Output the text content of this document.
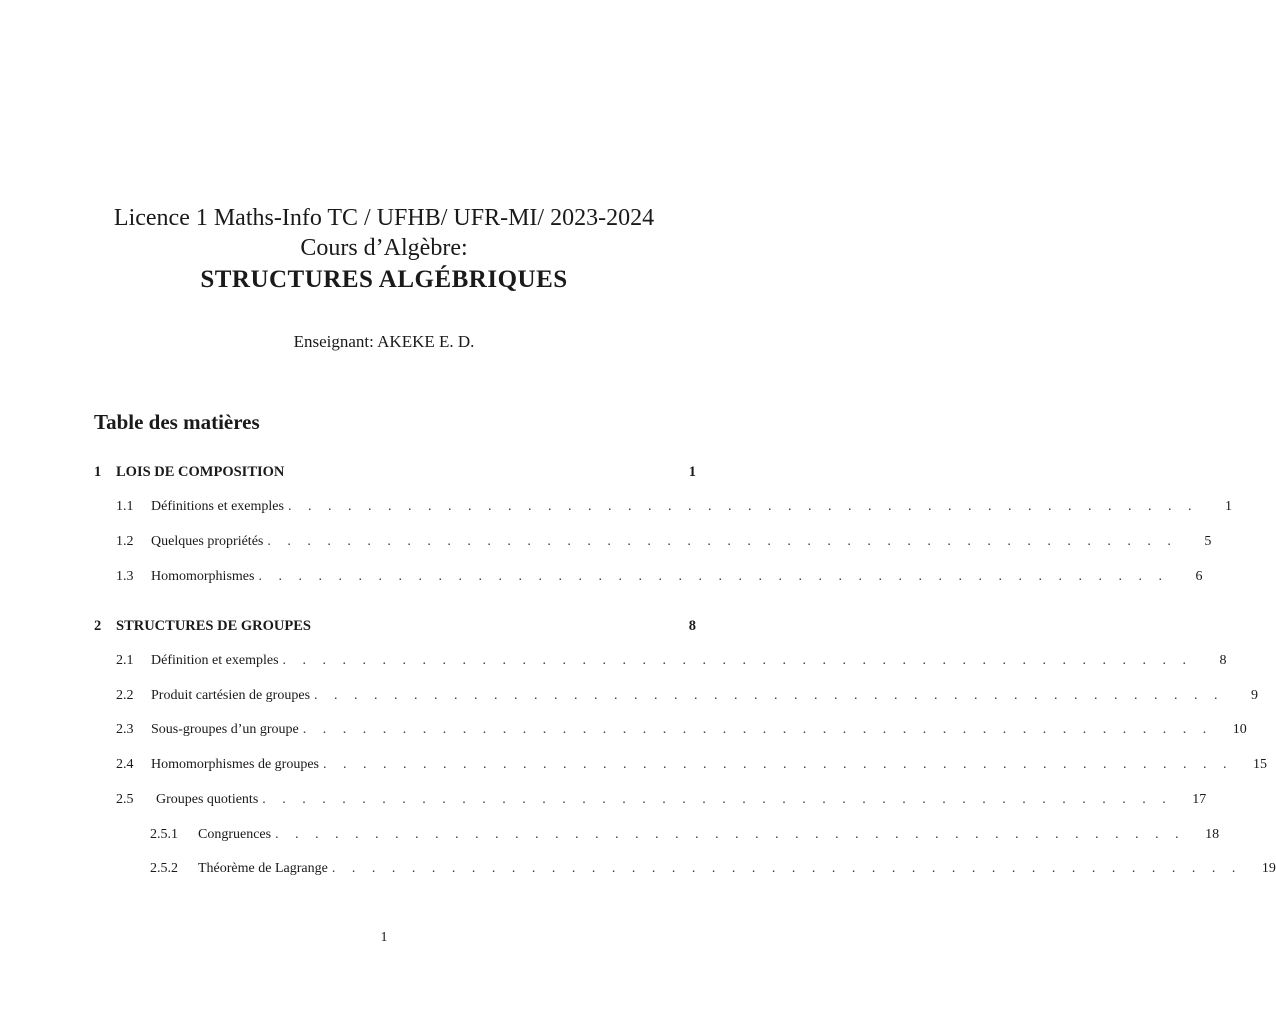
Licence 1 Maths-Info TC / UFHB/ UFR-MI/ 2023-2024

Cours d’Algèbre:

STRUCTURES ALGÉBRIQUES

Enseignant: AKEKE E. D.
Table des matières
1	LOIS DE COMPOSITION	1
1.1	Définitions et exemples . . . . . . . . . . . . . . . . . . . . . . . . . . . . . . . . . . . . . . . . . . . . . .	1
1.2	Quelques propriétés . . . . . . . . . . . . . . . . . . . . . . . . . . . . . . . . . . . . . . . . . . . . . .	5
1.3	Homomorphismes . . . . . . . . . . . . . . . . . . . . . . . . . . . . . . . . . . . . . . . . . . . . . .	6
2	STRUCTURES DE GROUPES	8
2.1	Définition et exemples . . . . . . . . . . . . . . . . . . . . . . . . . . . . . . . . . . . . . . . . . . . . . .	8
2.2	Produit cartésien de groupes . . . . . . . . . . . . . . . . . . . . . . . . . . . . . . . . . . . . . . . . . . . . . .	9
2.3	Sous-groupes d’un groupe . . . . . . . . . . . . . . . . . . . . . . . . . . . . . . . . . . . . . . . . . . . . . .	10
2.4	Homomorphismes de groupes . . . . . . . . . . . . . . . . . . . . . . . . . . . . . . . . . . . . . . . . . . . . . .	15
2.5	Groupes quotients . . . . . . . . . . . . . . . . . . . . . . . . . . . . . . . . . . . . . . . . . . . . . .	17
2.5.1	Congruences . . . . . . . . . . . . . . . . . . . . . . . . . . . . . . . . . . . . . . . . . . . . . .	18
2.5.2	Théorème de Lagrange . . . . . . . . . . . . . . . . . . . . . . . . . . . . . . . . . . . . . . . . . . . . . .	19
1
